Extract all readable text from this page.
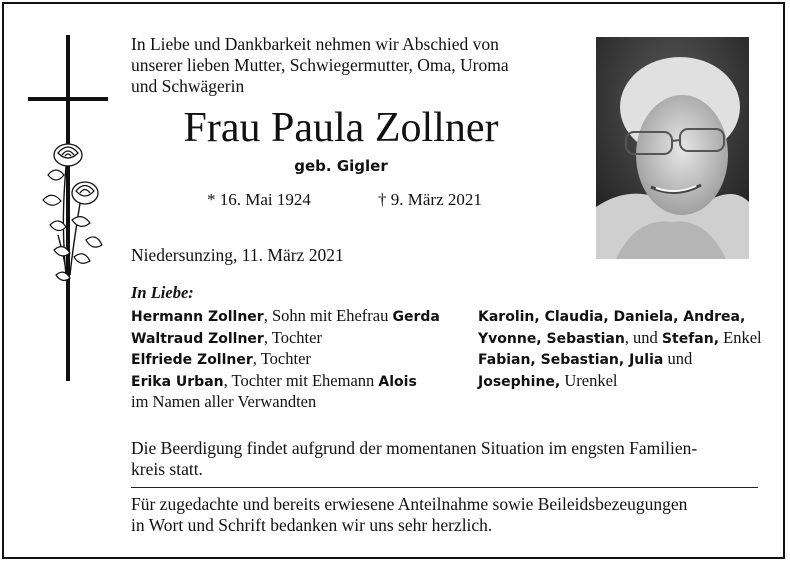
In Liebe und Dankbarkeit nehmen wir Abschied von
unserer lieben Mutter, Schwiegermutter, Oma, Uroma
und Schwägerin
Frau Paula Zollner
geb. Gigler
* 16. Mai 1924	† 9. März 2021
Niedersunzing, 11. März 2021
In Liebe:
Hermann Zollner, Sohn mit Ehefrau Gerda
Waltraud Zollner, Tochter
Elfriede Zollner, Tochter
Erika Urban, Tochter mit Ehemann Alois
im Namen aller Verwandten
Karolin, Claudia, Daniela, Andrea,
Yvonne, Sebastian, und Stefan, Enkel
Fabian, Sebastian, Julia und
Josephine, Urenkel
Die Beerdigung findet aufgrund der momentanen Situation im engsten Familien-
kreis statt.
Für zugedachte und bereits erwiesene Anteilnahme sowie Beileidsbezeugungen
in Wort und Schrift bedanken wir uns sehr herzlich.
